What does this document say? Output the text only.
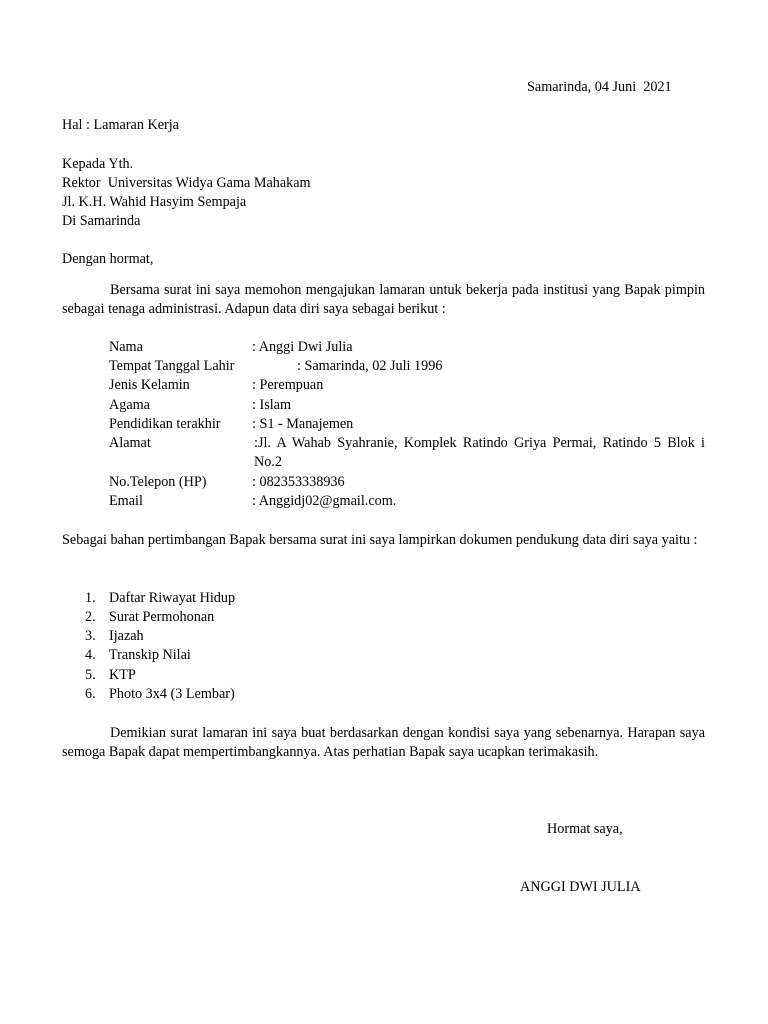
Samarinda, 04 Juni  2021
Hal : Lamaran Kerja
Kepada Yth.
Rektor  Universitas Widya Gama Mahakam
Jl. K.H. Wahid Hasyim Sempaja
Di Samarinda
Dengan hormat,
Bersama surat ini saya memohon mengajukan lamaran untuk bekerja pada institusi yang Bapak pimpin sebagai tenaga administrasi. Adapun data diri saya sebagai berikut :
Nama	: Anggi Dwi Julia
Tempat Tanggal Lahir	: Samarinda, 02 Juli 1996
Jenis Kelamin	: Perempuan
Agama	: Islam
Pendidikan terakhir : S1 - Manajemen
Alamat	:Jl. A Wahab Syahranie, Komplek Ratindo Griya Permai, Ratindo 5 Blok i No.2
No.Telepon (HP)	: 082353338936
Email	: Anggidj02@gmail.com.
Sebagai bahan pertimbangan Bapak bersama surat ini saya lampirkan dokumen pendukung data diri saya yaitu :
1. Daftar Riwayat Hidup
2. Surat Permohonan
3. Ijazah
4. Transkip Nilai
5. KTP
6. Photo 3x4 (3 Lembar)
Demikian surat lamaran ini saya buat berdasarkan dengan kondisi saya yang sebenarnya. Harapan saya semoga Bapak dapat mempertimbangkannya. Atas perhatian Bapak saya ucapkan terimakasih.
Hormat saya,
ANGGI DWI JULIA
